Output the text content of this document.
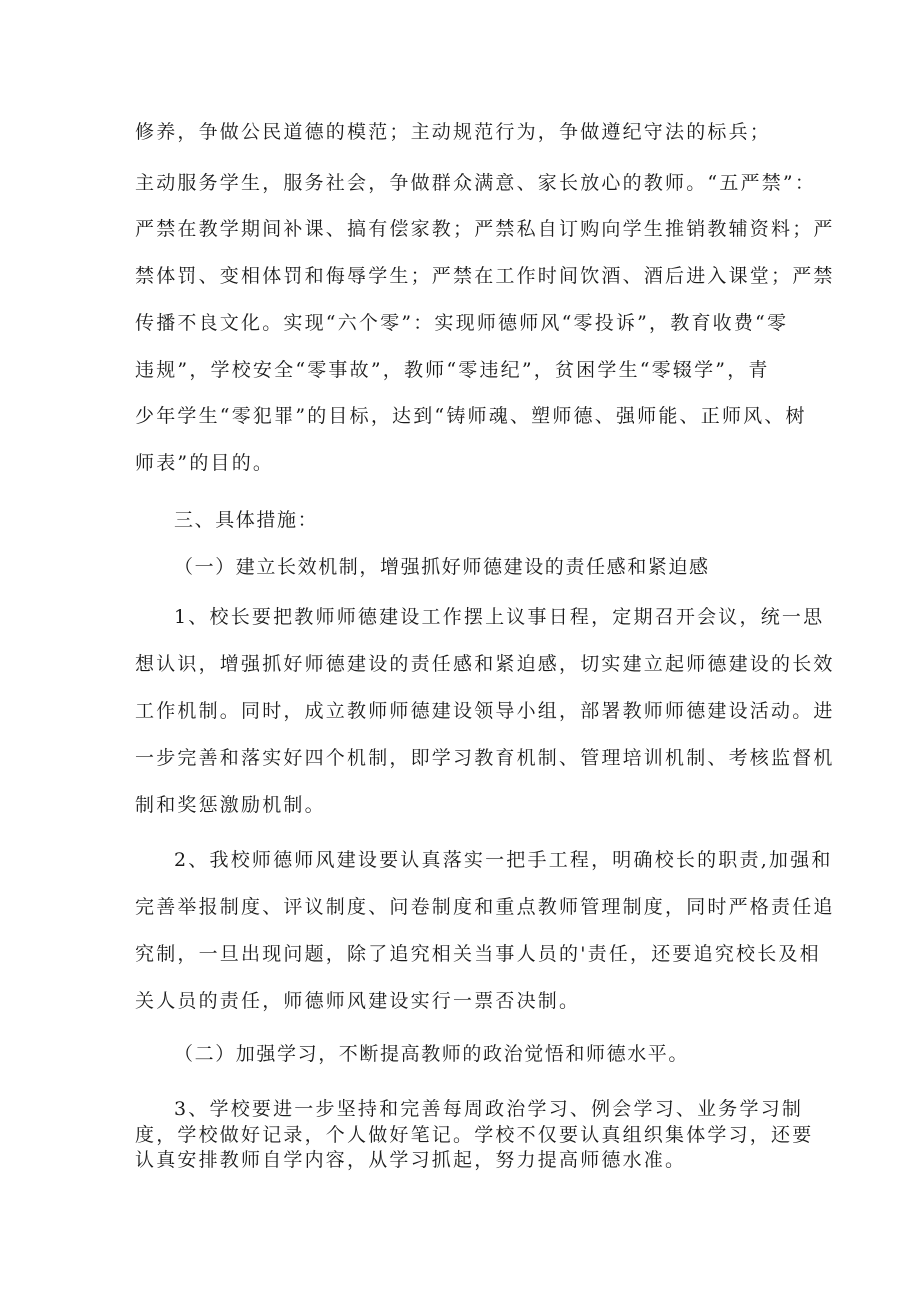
修养，争做公民道德的模范；主动规范行为，争做遵纪守法的标兵；
主动服务学生，服务社会，争做群众满意、家长放心的教师。“五严禁”：
严禁在教学期间补课、搞有偿家教；严禁私自订购向学生推销教辅资料；严
禁体罚、变相体罚和侮辱学生；严禁在工作时间饮酒、酒后进入课堂；严禁
传播不良文化。实现“六个零”：实现师德师风“零投诉”，教育收费“零
违规”，学校安全“零事故”，教师“零违纪”，贫困学生“零辍学”，青
少年学生“零犯罪”的目标，达到“铸师魂、塑师德、强师能、正师风、树
师表”的目的。
三、具体措施：
（一）建立长效机制，增强抓好师德建设的责任感和紧迫感
1、校长要把教师师德建设工作摆上议事日程，定期召开会议，统一思
想认识，增强抓好师德建设的责任感和紧迫感，切实建立起师德建设的长效
工作机制。同时，成立教师师德建设领导小组，部署教师师德建设活动。进
一步完善和落实好四个机制，即学习教育机制、管理培训机制、考核监督机
制和奖惩激励机制。
2、我校师德师风建设要认真落实一把手工程，明确校长的职责,加强和
完善举报制度、评议制度、问卷制度和重点教师管理制度，同时严格责任追
究制，一旦出现问题，除了追究相关当事人员的'责任，还要追究校长及相
关人员的责任，师德师风建设实行一票否决制。
（二）加强学习，不断提高教师的政治觉悟和师德水平。
3、学校要进一步坚持和完善每周政治学习、例会学习、业务学习制
度，学校做好记录，个人做好笔记。学校不仅要认真组织集体学习，还要
认真安排教师自学内容，从学习抓起，努力提高师德水准。
